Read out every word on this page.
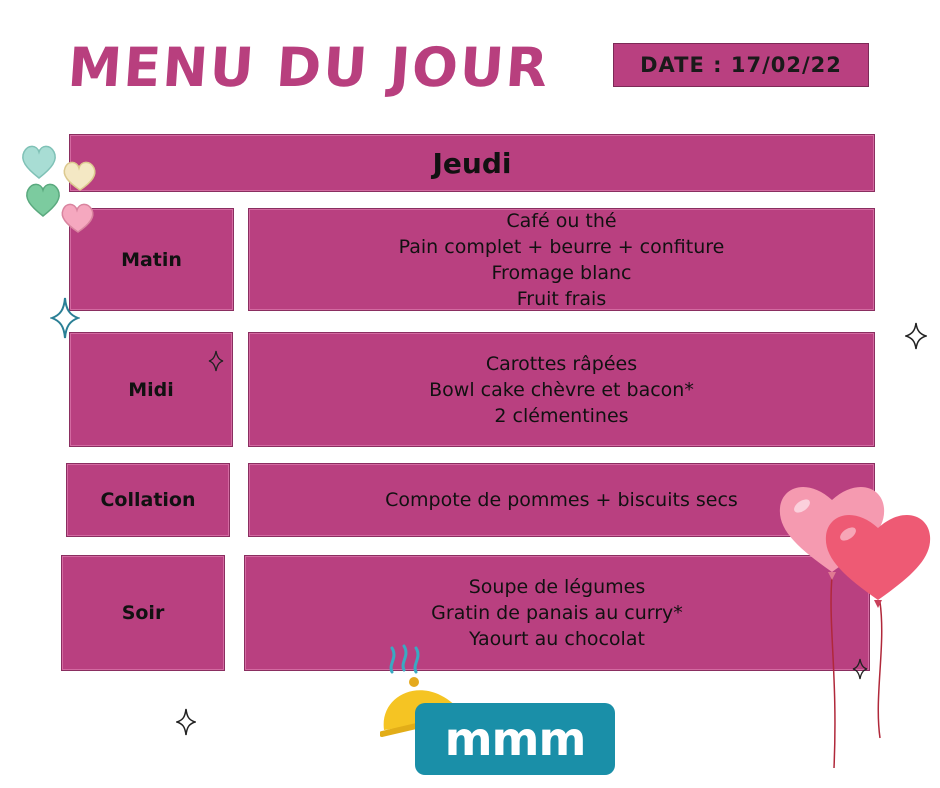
MENU DU JOUR	DATE : 17/02/22
Jeudi
Matin
Café ou thé
Pain complet + beurre + confiture
Fromage blanc
Fruit frais
Midi
Carottes râpées
Bowl cake chèvre et bacon*
2 clémentines
Collation	Compote de pommes + biscuits secs
Soir
Soupe de légumes
Gratin de panais au curry*
Yaourt au chocolat
mmm
